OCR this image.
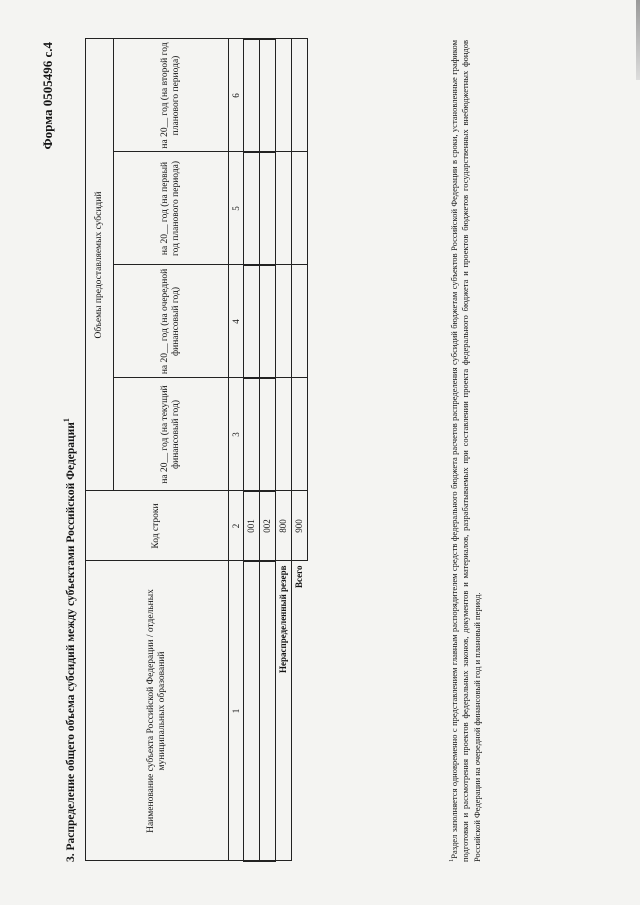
Форма 0505496 с.4
3. Распределение общего объема субсидий между субъектами Российской Федерации$^1$
Наименование субъекта Российской Федерации / отдельных муниципальных образований	Код строки	Объемы предоставляемых субсидий			
		на 20__ год (на текущий финансовый год)	на 20__ год (на очередной финансовый год)	на 20__ год (на первый год планового периода)	на 20__ год (на второй год планового периода)
1	2	3	4	5	6
	001				
	002				
Нераспределенный резерв	800				
Всего	900				
$^1$Раздел заполняется одновременно с представлением главным распорядителем средств федерального бюджета расчетов распределения субсидий бюджетам субъектов Российской Федерации в сроки, установленные графиком подготовки и рассмотрения проектов федеральных законов, документов и материалов, разрабатываемых при составлении проекта федерального бюджета и проектов бюджетов государственных внебюджетных фондов Российской Федерации на очередной финансовый год и плановый период.
